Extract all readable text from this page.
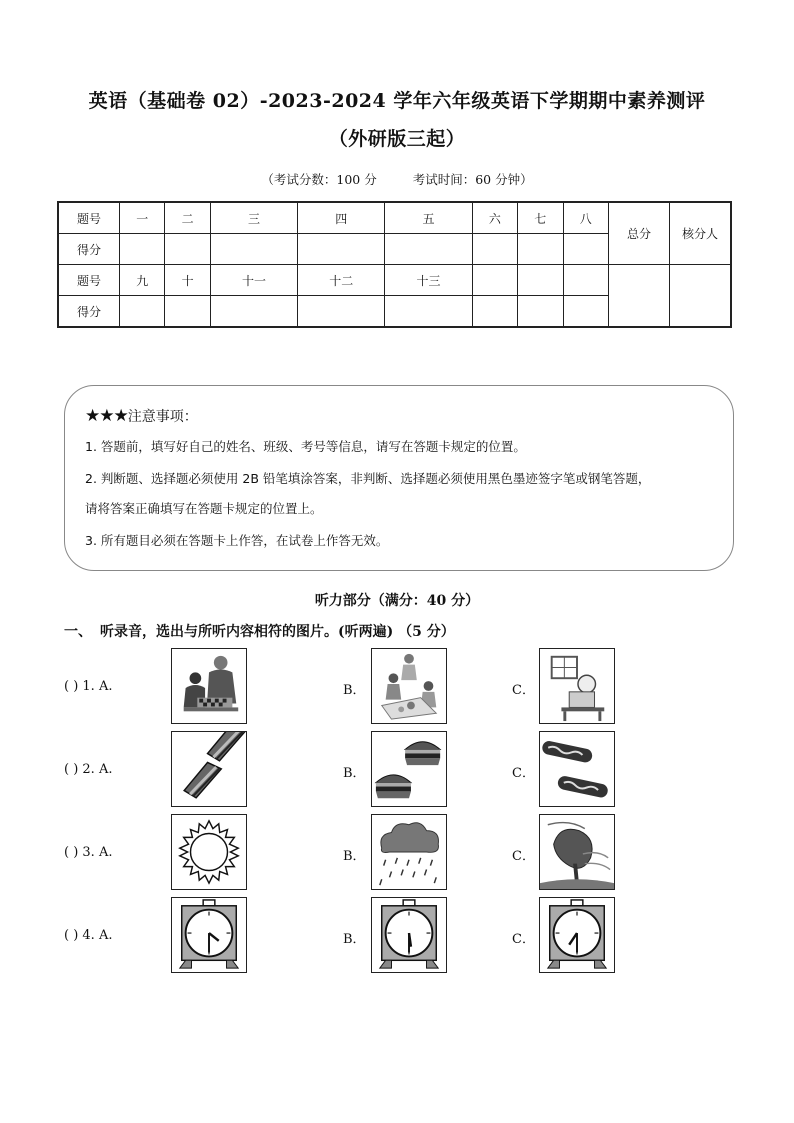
英语（基础卷 02）-2023-2024 学年六年级英语下学期期中素养测评
（外研版三起）
（考试分数：100 分	考试时间：60 分钟）
题号	一	二	三	四	五	六	七	八	总分	核分人
得分										
题号	九	十	十一	十二	十三					
得分										
★★★注意事项：
1. 答题前，填写好自己的姓名、班级、考号等信息，请写在答题卡规定的位置。
2. 判断题、选择题必须使用 2B 铅笔填涂答案，非判断、选择题必须使用黑色墨迹签字笔或钢笔答题，
请将答案正确填写在答题卡规定的位置上。
3. 所有题目必须在答题卡上作答，在试卷上作答无效。
听力部分（满分：40 分）
一、 听录音，选出与所听内容相符的图片。(听两遍) （5 分）
( ) 1. A.	B．	C．
( ) 2. A.	B．	C．
( ) 3. A.	B．	C．
( ) 4. A.	B．	C．
